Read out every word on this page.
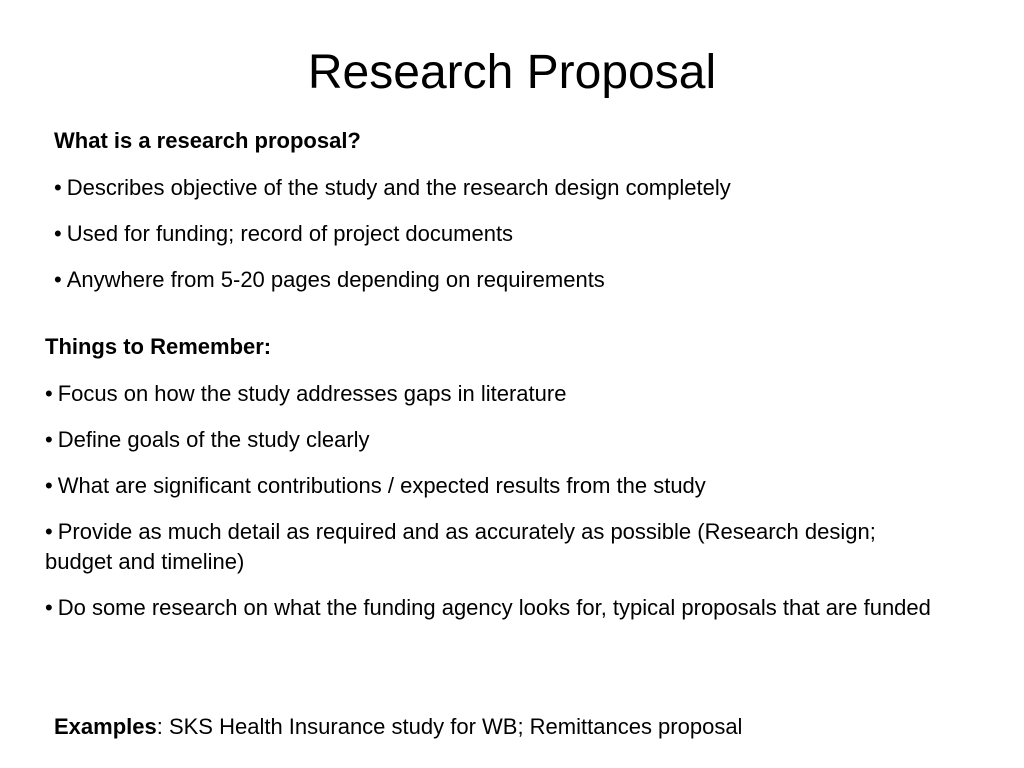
Research Proposal

What is a research proposal?

• Describes objective of the study and the research design completely
• Used for funding; record of project documents
• Anywhere from 5-20 pages depending on requirements

Things to Remember:

• Focus on how the study addresses gaps in literature
• Define goals of the study clearly
• What are significant contributions / expected results from the study
• Provide as much detail as required and as accurately as possible (Research design; budget and timeline)
• Do some research on what the funding agency looks for, typical proposals that are funded

Examples: SKS Health Insurance study for WB; Remittances proposal
